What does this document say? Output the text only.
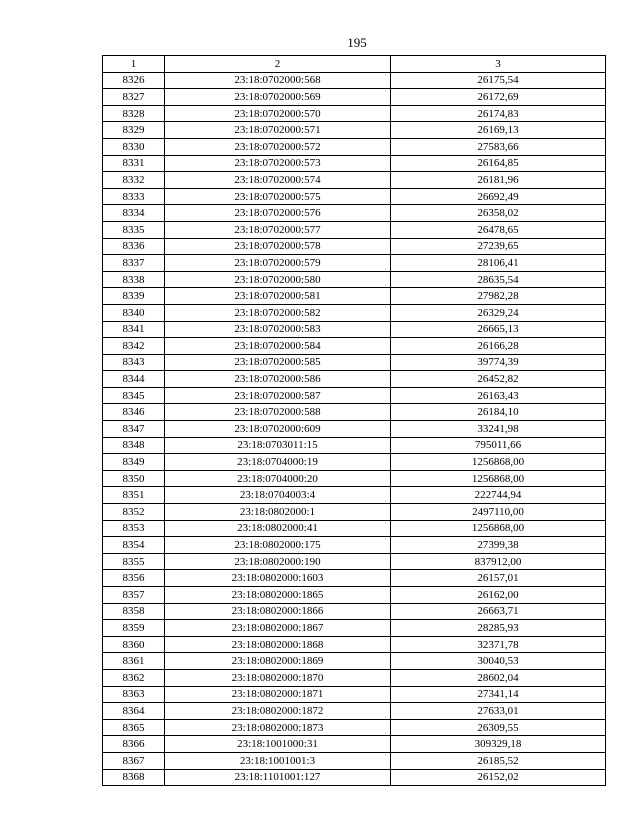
195
1	2	3
8326	23:18:0702000:568	26175,54
8327	23:18:0702000:569	26172,69
8328	23:18:0702000:570	26174,83
8329	23:18:0702000:571	26169,13
8330	23:18:0702000:572	27583,66
8331	23:18:0702000:573	26164,85
8332	23:18:0702000:574	26181,96
8333	23:18:0702000:575	26692,49
8334	23:18:0702000:576	26358,02
8335	23:18:0702000:577	26478,65
8336	23:18:0702000:578	27239,65
8337	23:18:0702000:579	28106,41
8338	23:18:0702000:580	28635,54
8339	23:18:0702000:581	27982,28
8340	23:18:0702000:582	26329,24
8341	23:18:0702000:583	26665,13
8342	23:18:0702000:584	26166,28
8343	23:18:0702000:585	39774,39
8344	23:18:0702000:586	26452,82
8345	23:18:0702000:587	26163,43
8346	23:18:0702000:588	26184,10
8347	23:18:0702000:609	33241,98
8348	23:18:0703011:15	795011,66
8349	23:18:0704000:19	1256868,00
8350	23:18:0704000:20	1256868,00
8351	23:18:0704003:4	222744,94
8352	23:18:0802000:1	2497110,00
8353	23:18:0802000:41	1256868,00
8354	23:18:0802000:175	27399,38
8355	23:18:0802000:190	837912,00
8356	23:18:0802000:1603	26157,01
8357	23:18:0802000:1865	26162,00
8358	23:18:0802000:1866	26663,71
8359	23:18:0802000:1867	28285,93
8360	23:18:0802000:1868	32371,78
8361	23:18:0802000:1869	30040,53
8362	23:18:0802000:1870	28602,04
8363	23:18:0802000:1871	27341,14
8364	23:18:0802000:1872	27633,01
8365	23:18:0802000:1873	26309,55
8366	23:18:1001000:31	309329,18
8367	23:18:1001001:3	26185,52
8368	23:18:1101001:127	26152,02
